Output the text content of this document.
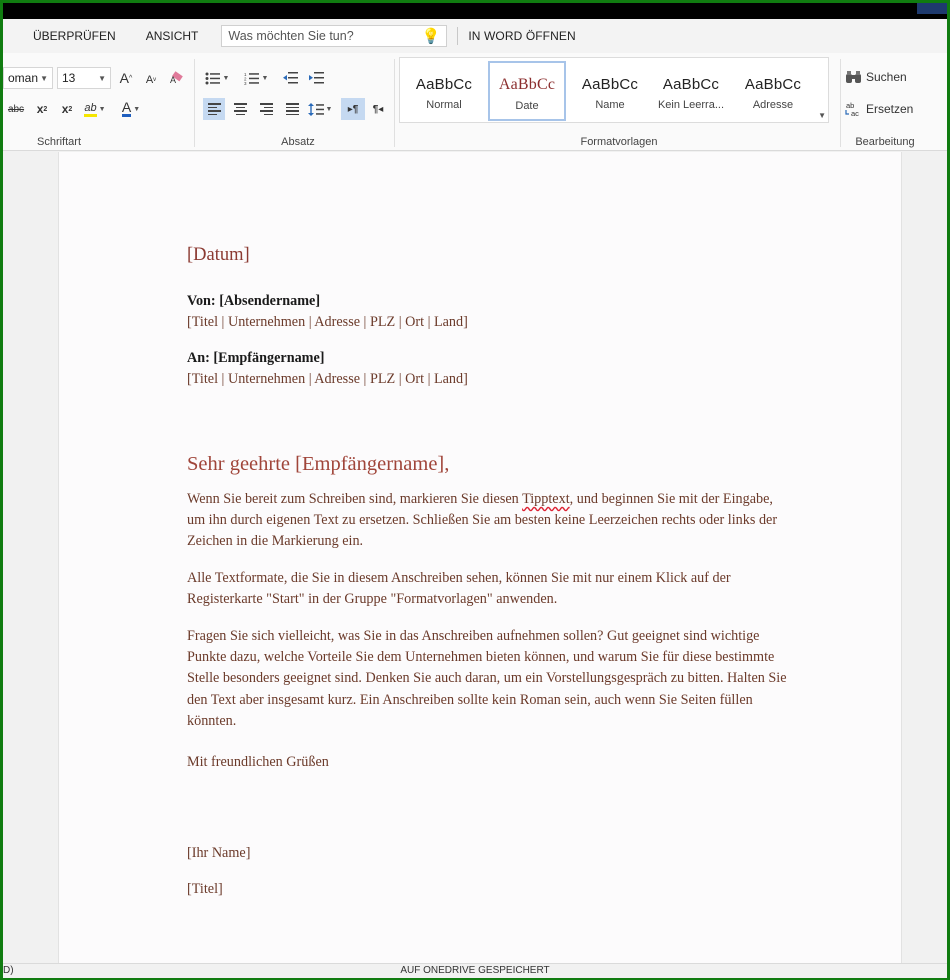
ÜBERPRÜFEN	ANSICHT
Was möchten Sie tun?	💡 IN WORD ÖFFNEN
oman ▼ 13	▼ A ^ A v A
abc	x 2	x 2 ab ▼ A ▼
Schriftart
▼
1
2
3
▼
▼ ▸¶ ¶◂
Absatz
AaBbCc
Normal
AaBbCc
Date
AaBbCc
Name
AaBbCc
Kein Leerra...
AaBbCc
Adresse
▼
Formatvorlagen
Suchen
ab
ac Ersetzen
Bearbeitung
[Datum]
Von: [Absendername]
[Titel | Unternehmen | Adresse | PLZ | Ort | Land]
An: [Empfängername]
[Titel | Unternehmen | Adresse | PLZ | Ort | Land]
Sehr geehrte [Empfängername],
Wenn Sie bereit zum Schreiben sind, markieren Sie diesen Tipptext, und beginnen Sie mit der Eingabe, um ihn durch eigenen Text zu ersetzen. Schließen Sie am besten keine Leerzeichen rechts oder links der Zeichen in die Markierung ein.
Alle Textformate, die Sie in diesem Anschreiben sehen, können Sie mit nur einem Klick auf der Registerkarte "Start" in der Gruppe "Formatvorlagen" anwenden.
Fragen Sie sich vielleicht, was Sie in das Anschreiben aufnehmen sollen? Gut geeignet sind wichtige Punkte dazu, welche Vorteile Sie dem Unternehmen bieten können, und warum Sie für diese bestimmte Stelle besonders geeignet sind. Denken Sie auch daran, um ein Vorstellungsgespräch zu bitten. Halten Sie den Text aber insgesamt kurz. Ein Anschreiben sollte kein Roman sein, auch wenn Sie Seiten füllen könnten.
Mit freundlichen Grüßen
[Ihr Name]
[Titel]
D)	AUF ONEDRIVE GESPEICHERT
